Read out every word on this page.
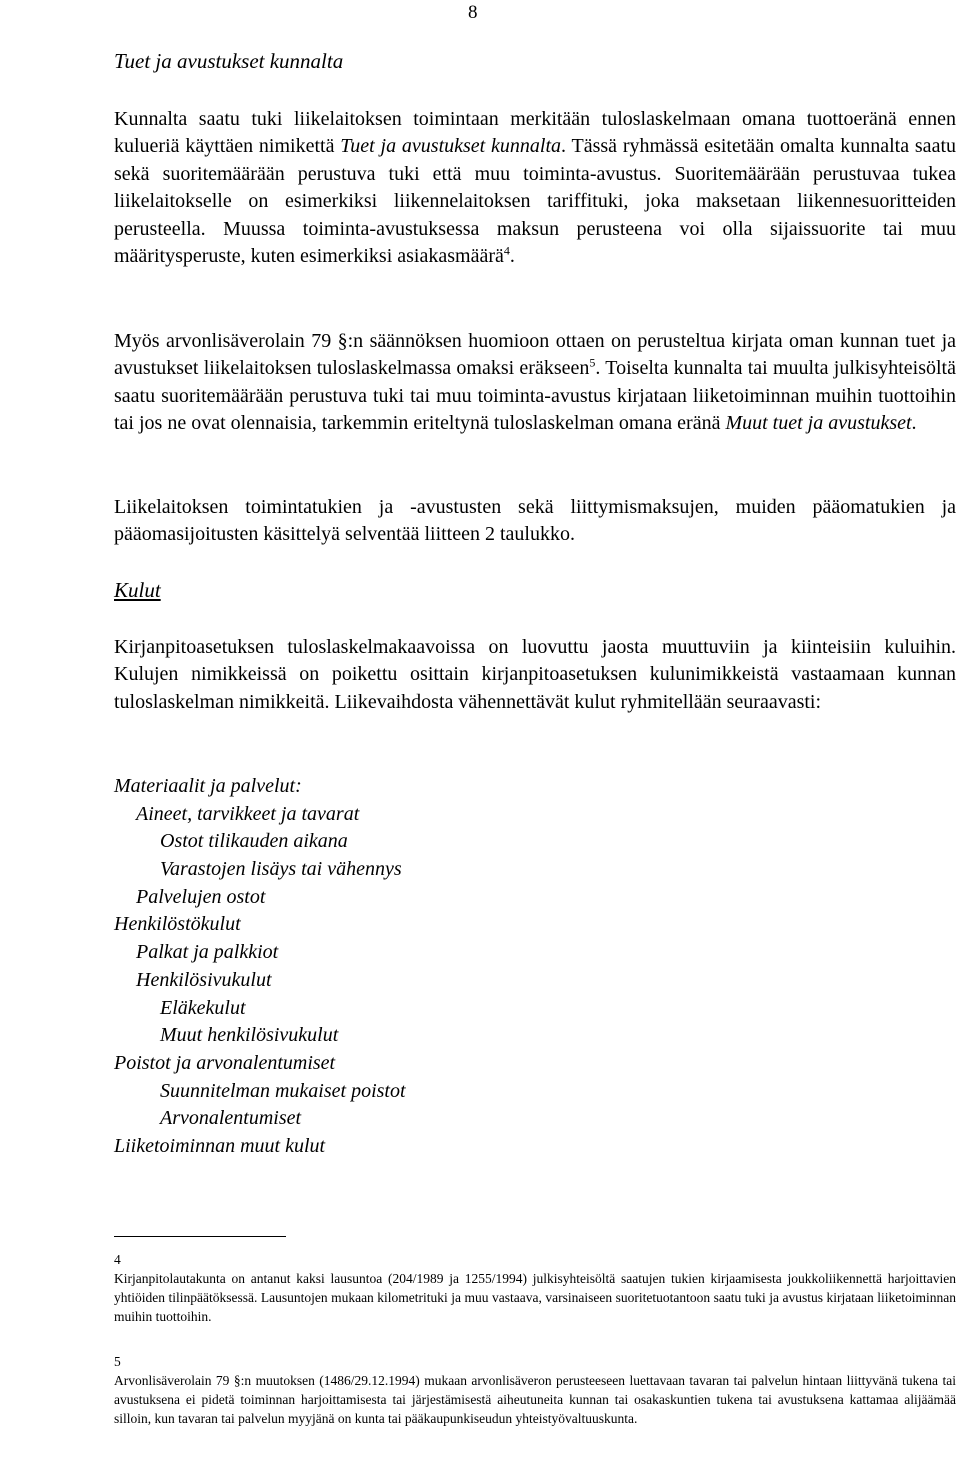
8
Tuet ja avustukset kunnalta

Kunnalta saatu tuki liikelaitoksen toimintaan merkitään tuloslaskelmaan omana tuottoeränä ennen kulueriä käyttäen nimikettä Tuet ja avustukset kunnalta. Tässä ryhmässä esitetään omalta kunnalta saatu sekä suoritemäärään perustuva tuki että muu toiminta-avustus. Suoritemäärään perustuvaa tukea liikelaitokselle on esimerkiksi liikennelaitoksen tariffituki, joka maksetaan liikennesuoritteiden perusteella. Muussa toiminta-avustuksessa maksun perusteena voi olla sijaissuorite tai muu määritysperuste, kuten esimerkiksi asiakasmäärä$^4$.

Myös arvonlisäverolain 79 §:n säännöksen huomioon ottaen on perusteltua kirjata oman kunnan tuet ja avustukset liikelaitoksen tuloslaskelmassa omaksi eräkseen$^5$. Toiselta kunnalta tai muulta julkisyhteisöltä saatu suoritemäärään perustuva tuki tai muu toiminta-avustus kirjataan liiketoiminnan muihin tuottoihin tai jos ne ovat olennaisia, tarkemmin eriteltynä tuloslaskelman omana eränä Muut tuet ja avustukset.

Liikelaitoksen toimintatukien ja -avustusten sekä liittymismaksujen, muiden pääomatukien ja pääomasijoitusten käsittelyä selventää liitteen 2 taulukko.

Kulut

Kirjanpitoasetuksen tuloslaskelmakaavoissa on luovuttu jaosta muuttuviin ja kiinteisiin kuluihin. Kulujen nimikkeissä on poikettu osittain kirjanpitoasetuksen kulunimikkeistä vastaamaan kunnan tuloslaskelman nimikkeitä. Liikevaihdosta vähennettävät kulut ryhmitellään seuraavasti:

Materiaalit ja palvelut:
Aineet, tarvikkeet ja tavarat
Ostot tilikauden aikana
Varastojen lisäys tai vähennys
Palvelujen ostot
Henkilöstökulut
Palkat ja palkkiot
Henkilösivukulut
Eläkekulut
Muut henkilösivukulut
Poistot ja arvonalentumiset
Suunnitelman mukaiset poistot
Arvonalentumiset
Liiketoiminnan muut kulut
4
Kirjanpitolautakunta on antanut kaksi lausuntoa (204/1989 ja 1255/1994) julkisyhteisöltä saatujen tukien kirjaamisesta joukkoliikennettä harjoittavien yhtiöiden tilinpäätöksessä. Lausuntojen mukaan kilometrituki ja muu vastaava, varsinaiseen suoritetuotantoon saatu tuki ja avustus kirjataan liiketoiminnan muihin tuottoihin.
5
Arvonlisäverolain 79 §:n muutoksen (1486/29.12.1994) mukaan arvonlisäveron perusteeseen luettavaan tavaran tai palvelun hintaan liittyvänä tukena tai avustuksena ei pidetä toiminnan harjoittamisesta tai järjestämisestä aiheutuneita kunnan tai osakaskuntien tukena tai avustuksena kattamaa alijäämää silloin, kun tavaran tai palvelun myyjänä on kunta tai pääkaupunkiseudun yhteistyövaltuuskunta.
